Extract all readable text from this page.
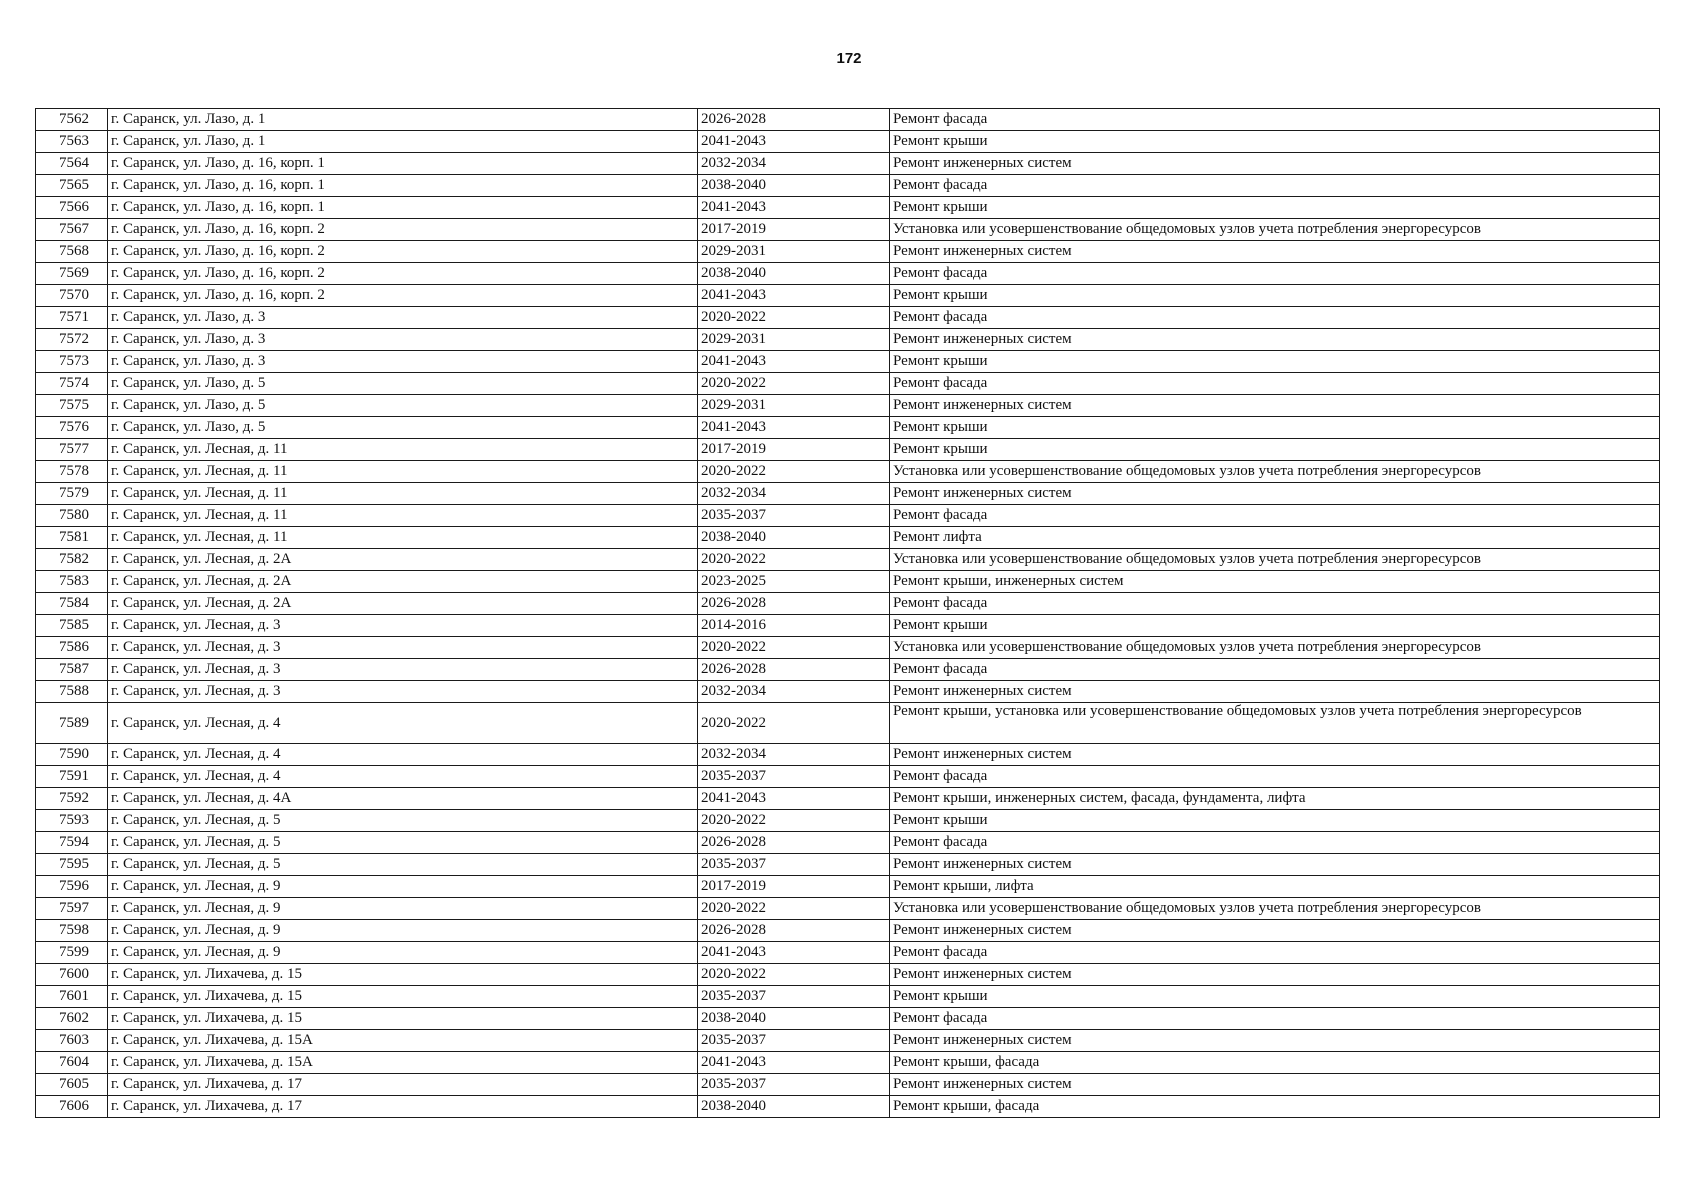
172
7562	г. Саранск, ул. Лазо, д. 1	2026-2028	Ремонт фасада
7563	г. Саранск, ул. Лазо, д. 1	2041-2043	Ремонт крыши
7564	г. Саранск, ул. Лазо, д. 16, корп. 1	2032-2034	Ремонт инженерных систем
7565	г. Саранск, ул. Лазо, д. 16, корп. 1	2038-2040	Ремонт фасада
7566	г. Саранск, ул. Лазо, д. 16, корп. 1	2041-2043	Ремонт крыши
7567	г. Саранск, ул. Лазо, д. 16, корп. 2	2017-2019	Установка или усовершенствование общедомовых узлов учета потребления энергоресурсов
7568	г. Саранск, ул. Лазо, д. 16, корп. 2	2029-2031	Ремонт инженерных систем
7569	г. Саранск, ул. Лазо, д. 16, корп. 2	2038-2040	Ремонт фасада
7570	г. Саранск, ул. Лазо, д. 16, корп. 2	2041-2043	Ремонт крыши
7571	г. Саранск, ул. Лазо, д. 3	2020-2022	Ремонт фасада
7572	г. Саранск, ул. Лазо, д. 3	2029-2031	Ремонт инженерных систем
7573	г. Саранск, ул. Лазо, д. 3	2041-2043	Ремонт крыши
7574	г. Саранск, ул. Лазо, д. 5	2020-2022	Ремонт фасада
7575	г. Саранск, ул. Лазо, д. 5	2029-2031	Ремонт инженерных систем
7576	г. Саранск, ул. Лазо, д. 5	2041-2043	Ремонт крыши
7577	г. Саранск, ул. Лесная, д. 11	2017-2019	Ремонт крыши
7578	г. Саранск, ул. Лесная, д. 11	2020-2022	Установка или усовершенствование общедомовых узлов учета потребления энергоресурсов
7579	г. Саранск, ул. Лесная, д. 11	2032-2034	Ремонт инженерных систем
7580	г. Саранск, ул. Лесная, д. 11	2035-2037	Ремонт фасада
7581	г. Саранск, ул. Лесная, д. 11	2038-2040	Ремонт лифта
7582	г. Саранск, ул. Лесная, д. 2А	2020-2022	Установка или усовершенствование общедомовых узлов учета потребления энергоресурсов
7583	г. Саранск, ул. Лесная, д. 2А	2023-2025	Ремонт крыши, инженерных систем
7584	г. Саранск, ул. Лесная, д. 2А	2026-2028	Ремонт фасада
7585	г. Саранск, ул. Лесная, д. 3	2014-2016	Ремонт крыши
7586	г. Саранск, ул. Лесная, д. 3	2020-2022	Установка или усовершенствование общедомовых узлов учета потребления энергоресурсов
7587	г. Саранск, ул. Лесная, д. 3	2026-2028	Ремонт фасада
7588	г. Саранск, ул. Лесная, д. 3	2032-2034	Ремонт инженерных систем
7589	г. Саранск, ул. Лесная, д. 4	2020-2022	Ремонт крыши, установка или усовершенствование общедомовых узлов учета потребления энергоресурсов
7590	г. Саранск, ул. Лесная, д. 4	2032-2034	Ремонт инженерных систем
7591	г. Саранск, ул. Лесная, д. 4	2035-2037	Ремонт фасада
7592	г. Саранск, ул. Лесная, д. 4А	2041-2043	Ремонт крыши, инженерных систем, фасада, фундамента, лифта
7593	г. Саранск, ул. Лесная, д. 5	2020-2022	Ремонт крыши
7594	г. Саранск, ул. Лесная, д. 5	2026-2028	Ремонт фасада
7595	г. Саранск, ул. Лесная, д. 5	2035-2037	Ремонт инженерных систем
7596	г. Саранск, ул. Лесная, д. 9	2017-2019	Ремонт крыши, лифта
7597	г. Саранск, ул. Лесная, д. 9	2020-2022	Установка или усовершенствование общедомовых узлов учета потребления энергоресурсов
7598	г. Саранск, ул. Лесная, д. 9	2026-2028	Ремонт инженерных систем
7599	г. Саранск, ул. Лесная, д. 9	2041-2043	Ремонт фасада
7600	г. Саранск, ул. Лихачева, д. 15	2020-2022	Ремонт инженерных систем
7601	г. Саранск, ул. Лихачева, д. 15	2035-2037	Ремонт крыши
7602	г. Саранск, ул. Лихачева, д. 15	2038-2040	Ремонт фасада
7603	г. Саранск, ул. Лихачева, д. 15А	2035-2037	Ремонт инженерных систем
7604	г. Саранск, ул. Лихачева, д. 15А	2041-2043	Ремонт крыши, фасада
7605	г. Саранск, ул. Лихачева, д. 17	2035-2037	Ремонт инженерных систем
7606	г. Саранск, ул. Лихачева, д. 17	2038-2040	Ремонт крыши, фасада
